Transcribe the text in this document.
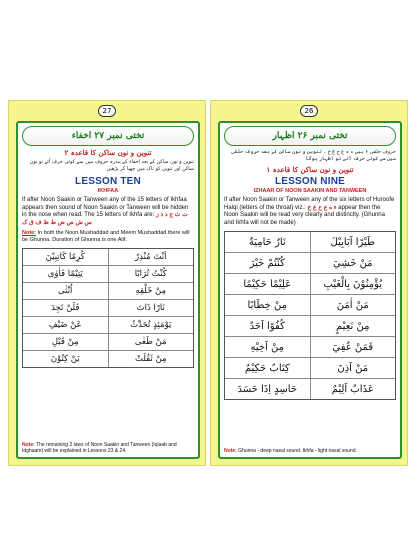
27
تختی نمبر ۲۷ اخفاء
تنوین و نون ساکن کا قاعدہ ۲
تنوین و نون ساکن کے بعد اخفاء کے پندرہ حروف میں سے کوئی حرف آئے تو نون ساکن اور تنوین کو ناک میں چھپا کر پڑھیں
LESSON TEN
IKHFAA
If after Noon Saakin or Tanween any of the 15 letters of Ikhfaa appears then sound of Noon Saakin or Tanween will be hidden in the nose when read. The 15 letters of Ikhfa are: ت ث ج د ذ ز س ش ص ض ط ظ ف ق ک
Note: In both the Noon Mushaddad and Meem Mushaddad there will be Ghunna. Duration of Ghunna is one Alif.
كُرِمًا كَاتِبِيْنَ	اَنْتَ مُنْذِرٌ
يَتِيْمًا فَاٰوٰى	كُنْتُ تُرَابًا
اُنْثٰى	مِنْ خَلْقِهِ
فَلَنْ تَجِدَ	نَارًا ذَاتَ
عَنْ ضَيْفِ	يَوْمَئِذٍ تُحَدِّثُ
مِنْ قَبْلِ	مَنْ طَغٰى
يَنْ كِتُوْنَ	مِنْ ثَقُلَتْ
Note: The remaining 2 laws of Noon Saakin and Tanween (Iqlaab and Idghaam) will be explained in Lessons 23 & 24.
26
تختی نمبر ۲۶ اظہار
حروف حلقی ۶ ہیں ء ہ ع ح غ خ ۔ تنوین و نون ساکن کے بعد حروف حلقی میں سے کوئی حرف آئے تو اظہار ہوگا
تنوین و نون ساکن کا قاعدہ ۱
LESSON NINE
IZHAAR OF NOON SAAKIN AND TANWEEN
If after Noon Saakin or Tanween any of the six letters of Huroofe Halqi (letters of the throat) viz.: ء ه ع ح غ خ appear then the Noon Saakin will be read very clearly and distinctly. (Ghunna and Ikhfa will not be made)
نَارٌ حَامِيَةٌ	طَيْرًا اَبَابِيْلَ
كُنْتُمْ خَيْرَ	مَنْ خَشِيَ
عَلِيْمًا حَكِيْمًا	يُؤْمِنُوْنَ بِالْغَيْبِ
مِنْ خِطَابًا	مَنْ اٰمَنَ
كُفُوًا اَحَدٌ	مِنْ نَعِيْمٍ
مِنْ اَخِيْهِ	فَمَنْ عُفِيَ
كِتَابٌ حَكِيْمٌ	مَنْ اَذِنَ
حَاسِدٍ اِذَا حَسَدَ	عَذَابٌ اَلِيْمٌ
Note: Ghunna - deep nasal sound. Ikhfa - light nasal sound.
